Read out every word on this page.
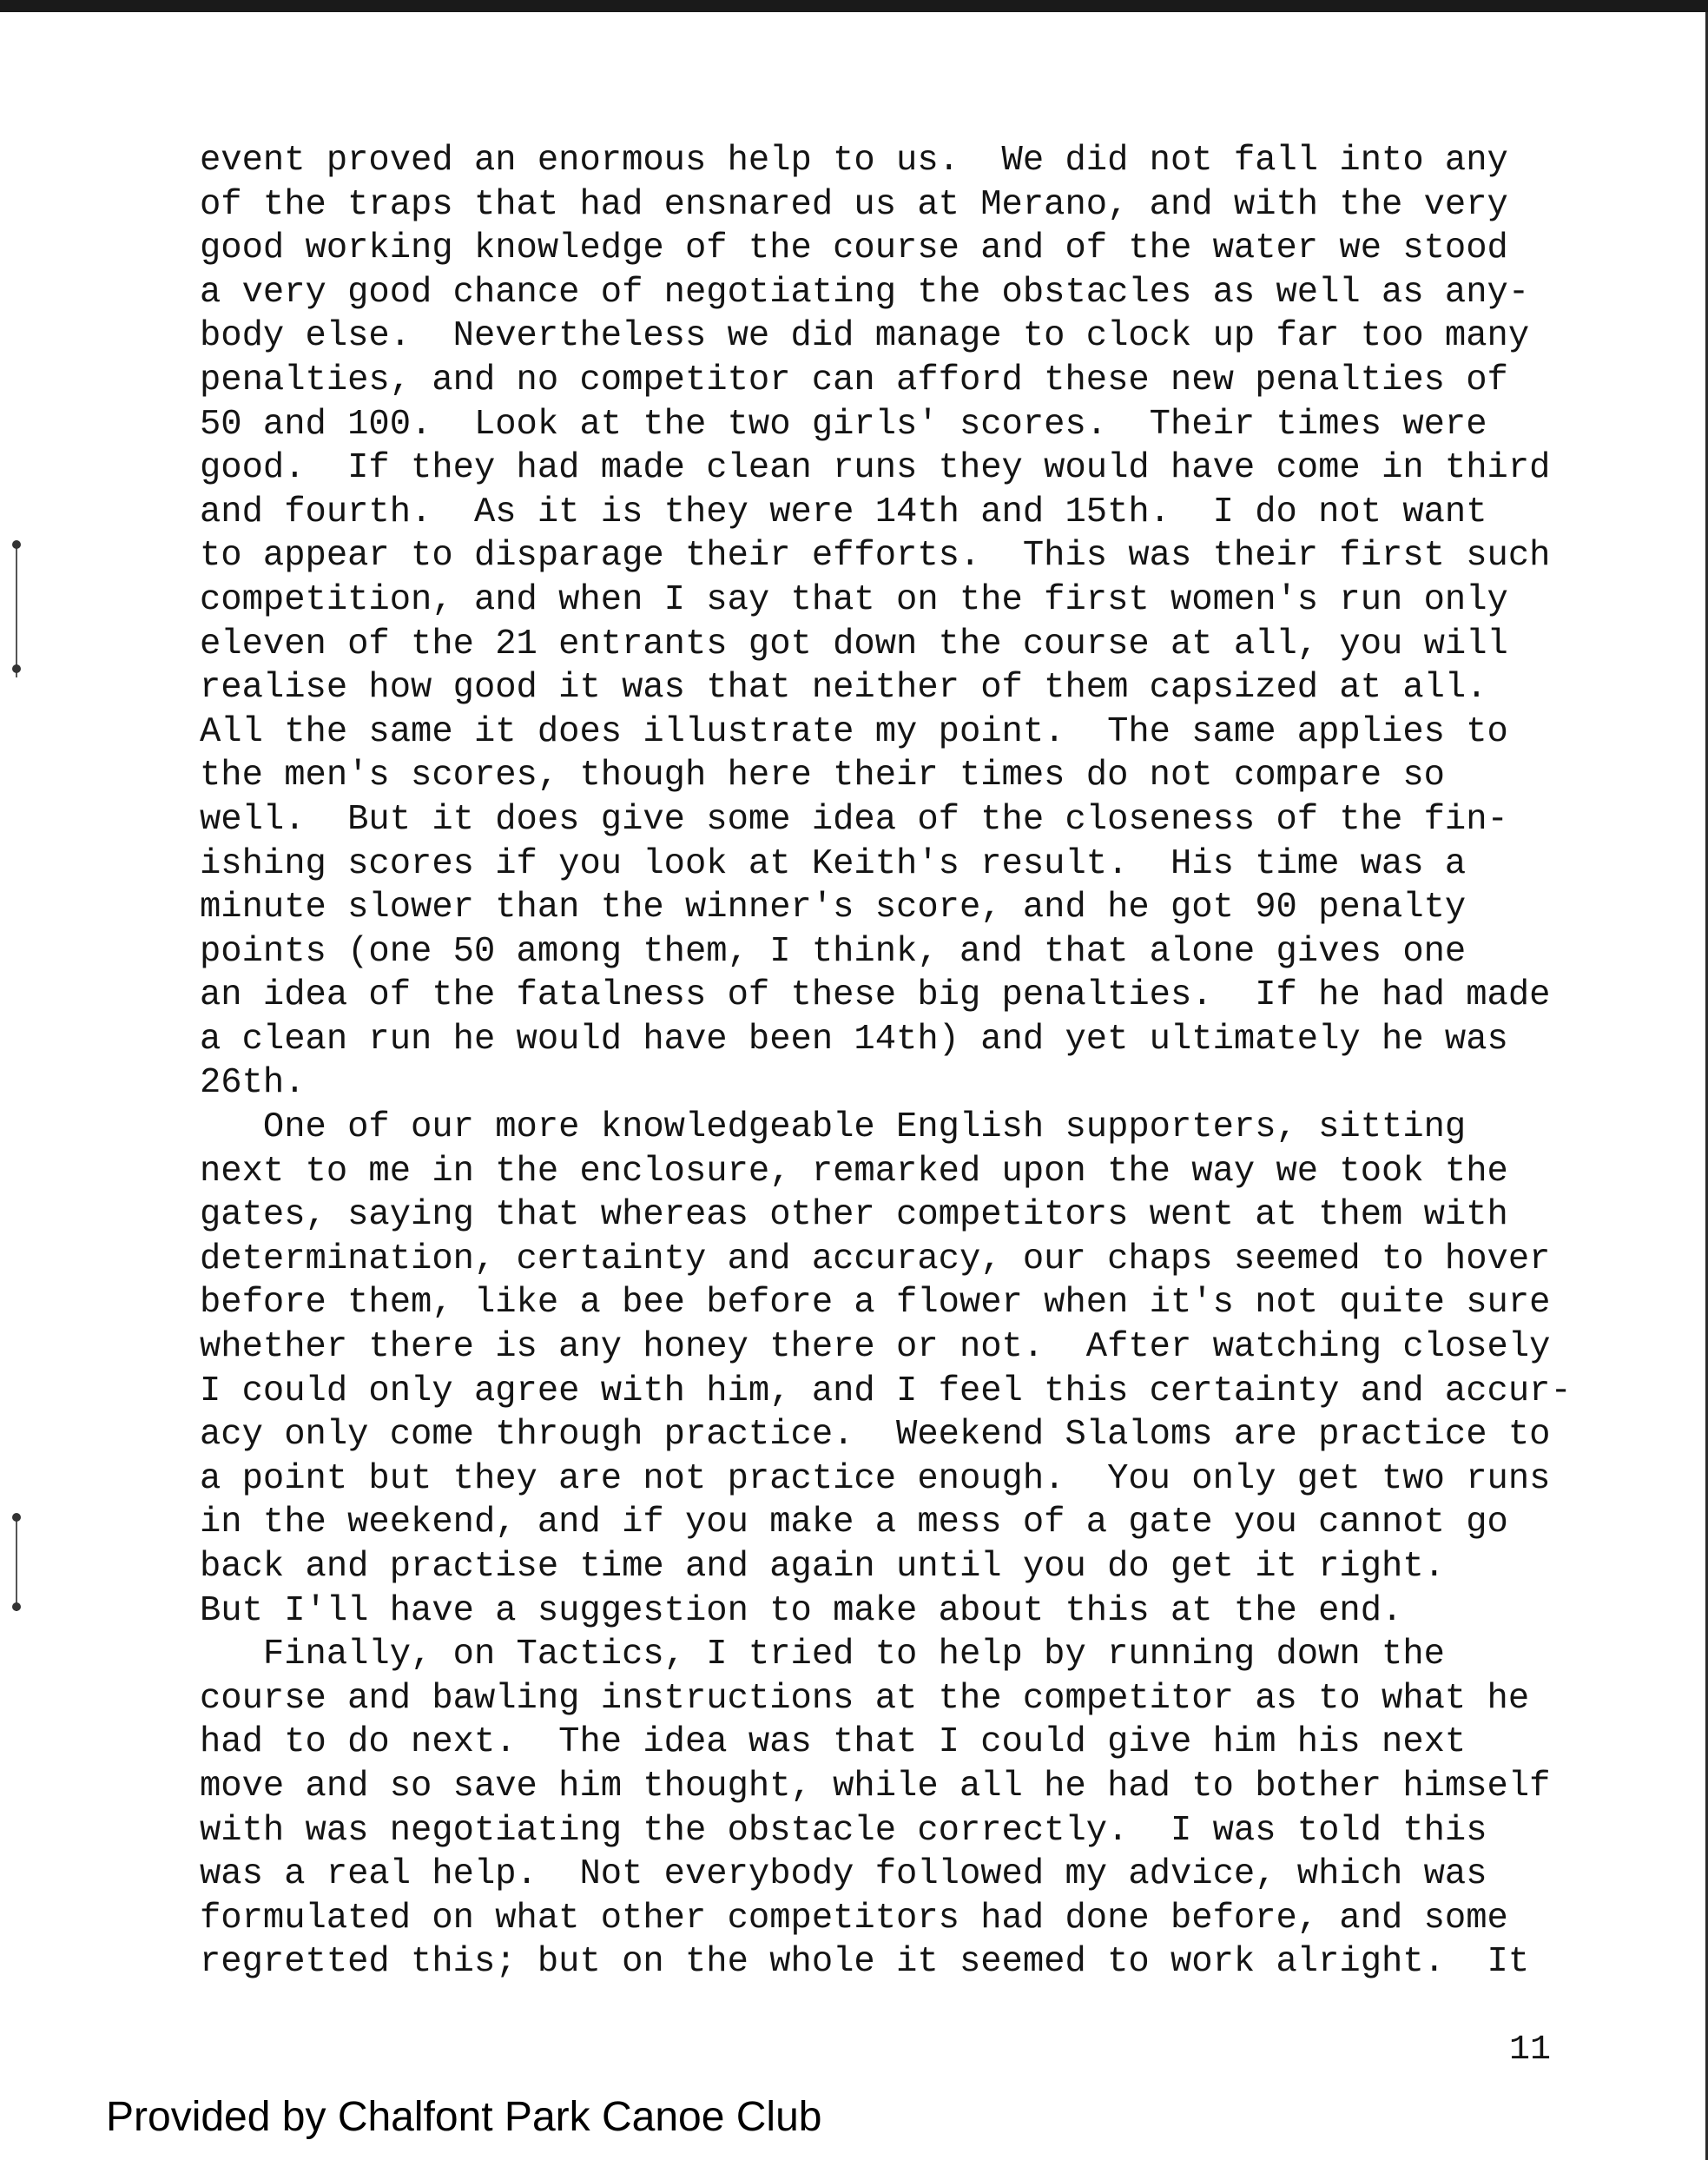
event proved an enormous help to us.  We did not fall into any
of the traps that had ensnared us at Merano, and with the very
good working knowledge of the course and of the water we stood
a very good chance of negotiating the obstacles as well as any-
body else.  Nevertheless we did manage to clock up far too many
penalties, and no competitor can afford these new penalties of
50 and 100.  Look at the two girls' scores.  Their times were
good.  If they had made clean runs they would have come in third
and fourth.  As it is they were 14th and 15th.  I do not want
to appear to disparage their efforts.  This was their first such
competition, and when I say that on the first women's run only
eleven of the 21 entrants got down the course at all, you will
realise how good it was that neither of them capsized at all.
All the same it does illustrate my point.  The same applies to
the men's scores, though here their times do not compare so
well.  But it does give some idea of the closeness of the fin-
ishing scores if you look at Keith's result.  His time was a
minute slower than the winner's score, and he got 90 penalty
points (one 50 among them, I think, and that alone gives one
an idea of the fatalness of these big penalties.  If he had made
a clean run he would have been 14th) and yet ultimately he was
26th.
One of our more knowledgeable English supporters, sitting
next to me in the enclosure, remarked upon the way we took the
gates, saying that whereas other competitors went at them with
determination, certainty and accuracy, our chaps seemed to hover
before them, like a bee before a flower when it's not quite sure
whether there is any honey there or not.  After watching closely
I could only agree with him, and I feel this certainty and accur-
acy only come through practice.  Weekend Slaloms are practice to
a point but they are not practice enough.  You only get two runs
in the weekend, and if you make a mess of a gate you cannot go
back and practise time and again until you do get it right.
But I'll have a suggestion to make about this at the end.
Finally, on Tactics, I tried to help by running down the
course and bawling instructions at the competitor as to what he
had to do next.  The idea was that I could give him his next
move and so save him thought, while all he had to bother himself
with was negotiating the obstacle correctly.  I was told this
was a real help.  Not everybody followed my advice, which was
formulated on what other competitors had done before, and some
regretted this; but on the whole it seemed to work alright.  It
11
Provided by Chalfont Park Canoe Club
